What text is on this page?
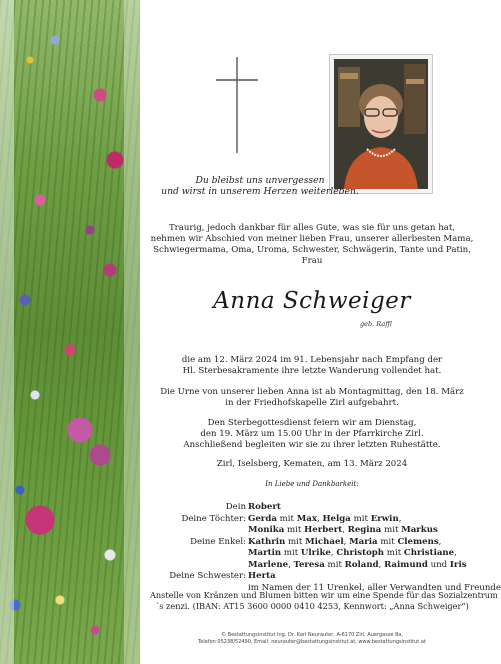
Du bleibst uns unvergessen
und wirst in unserem Herzen weiterleben.
Traurig, jedoch dankbar für alles Gute, was sie für uns getan hat,
nehmen wir Abschied von meiner lieben Frau, unserer allerbesten Mama,
Schwiegermama, Oma, Uroma, Schwester, Schwägerin, Tante und Patin,
Frau
Anna Schweiger
geb. Raffl
die am 12. März 2024 im 91. Lebensjahr nach Empfang der
Hl. Sterbesakramente ihre letzte Wanderung vollendet hat.
Die Urne von unserer lieben Anna ist ab Montagmittag, den 18. März
in der Friedhofskapelle Zirl aufgebahrt.
Den Sterbegottesdienst feiern wir am Dienstag,
den 19. März um 15.00 Uhr in der Pfarrkirche Zirl.
Anschließend begleiten wir sie zu ihrer letzten Ruhestätte.
Zirl, Iselsberg, Kematen, am 13. März 2024
In Liebe und Dankbarkeit:
Dein Robert
Deine Töchter: Gerda mit Max, Helga mit Erwin,
Monika mit Herbert, Regina mit Markus
Deine Enkel: Kathrin mit Michael, Maria mit Clemens,
Martin mit Ulrike, Christoph mit Christiane,
Marlene, Teresa mit Roland, Raimund und Iris
Deine Schwester: Herta
im Namen der 11 Urenkel, aller Verwandten und Freunde
Anstelle von Kränzen und Blumen bitten wir um eine Spende für das Sozialzentrum
´s zenzi. (IBAN: AT15 3600 0000 0410 4253, Kennwort: „Anna Schweiger“)
© Bestattungsinstitut Ing. Dr. Karl Neurauter, A-6170 Zirl, Auergasse 8a,
Telefon 05238/52490, Email: neurauter@bestattungsinstitut.at, www.bestattungsinstitut.at
